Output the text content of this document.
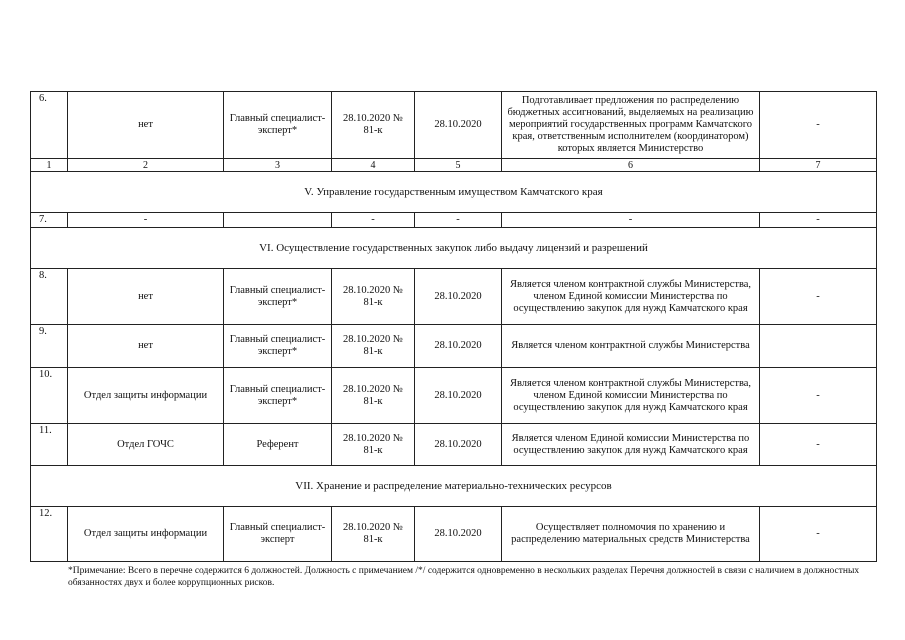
6.	нет	Главный специалист-эксперт*	28.10.2020 № 81-к	28.10.2020	Подготавливает предложения по распределению бюджетных ассигнований, выделяемых на реализацию мероприятий государственных программ Камчатского края, ответственным исполнителем (координатором) которых является Министерство	-
1	2	3	4	5	6	7
V. Управление государственным имуществом Камчатского края						
7.	-		-	-	-	-
VI. Осуществление государственных закупок либо выдачу лицензий и разрешений						
8.	нет	Главный специалист-эксперт*	28.10.2020 № 81-к	28.10.2020	Является членом контрактной службы Министерства, членом Единой комиссии Министерства по осуществлению закупок для нужд Камчатского края	-
9.	нет	Главный специалист-эксперт*	28.10.2020 № 81-к	28.10.2020	Является членом контрактной службы Министерства	
10.	Отдел защиты информации	Главный специалист-эксперт*	28.10.2020 № 81-к	28.10.2020	Является членом контрактной службы Министерства, членом Единой комиссии Министерства по осуществлению закупок для нужд Камчатского края	-
11.	Отдел ГОЧС	Референт	28.10.2020 № 81-к	28.10.2020	Является членом Единой комиссии Министерства по осуществлению закупок для нужд Камчатского края	-
VII. Хранение и распределение материально-технических ресурсов						
12.	Отдел защиты информации	Главный специалист-эксперт	28.10.2020 № 81-к	28.10.2020	Осуществляет полномочия по хранению и распределению материальных средств Министерства	-
*Примечание: Всего в перечне содержится 6 должностей. Должность с примечанием /*/ содержится одновременно в нескольких разделах Перечня должностей в связи с наличием в должностных обязанностях двух и более коррупционных рисков.
